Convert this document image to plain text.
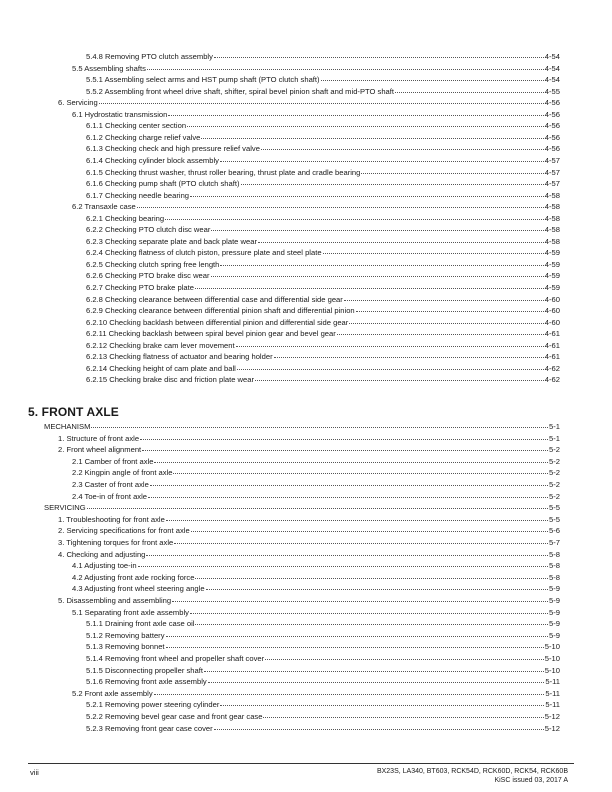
5.4.8 Removing PTO clutch assembly	4-54
5.5 Assembling shafts	4-54
5.5.1 Assembling select arms and HST pump shaft (PTO clutch shaft)	4-54
5.5.2 Assembling front wheel drive shaft, shifter, spiral bevel pinion shaft and mid-PTO shaft	4-55
6. Servicing	4-56
6.1 Hydrostatic transmission	4-56
6.1.1 Checking center section	4-56
6.1.2 Checking charge relief valve	4-56
6.1.3 Checking check and high pressure relief valve	4-56
6.1.4 Checking cylinder block assembly	4-57
6.1.5 Checking thrust washer, thrust roller bearing, thrust plate and cradle bearing	4-57
6.1.6 Checking pump shaft (PTO clutch shaft)	4-57
6.1.7 Checking needle bearing	4-58
6.2 Transaxle case	4-58
6.2.1 Checking bearing	4-58
6.2.2 Checking PTO clutch disc wear	4-58
6.2.3 Checking separate plate and back plate wear	4-58
6.2.4 Checking flatness of clutch piston, pressure plate and steel plate	4-59
6.2.5 Checking clutch spring free length	4-59
6.2.6 Checking PTO brake disc wear	4-59
6.2.7 Checking PTO brake plate	4-59
6.2.8 Checking clearance between differential case and differential side gear	4-60
6.2.9 Checking clearance between differential pinion shaft and differential pinion	4-60
6.2.10 Checking backlash between differential pinion and differential side gear	4-60
6.2.11 Checking backlash between spiral bevel pinion gear and bevel gear	4-61
6.2.12 Checking brake cam lever movement	4-61
6.2.13 Checking flatness of actuator and bearing holder	4-61
6.2.14 Checking height of cam plate and ball	4-62
6.2.15 Checking brake disc and friction plate wear	4-62
5. FRONT AXLE
MECHANISM	5-1
1. Structure of front axle	5-1
2. Front wheel alignment	5-2
2.1 Camber of front axle	5-2
2.2 Kingpin angle of front axle	5-2
2.3 Caster of front axle	5-2
2.4 Toe-in of front axle	5-2
SERVICING	5-5
1. Troubleshooting for front axle	5-5
2. Servicing specifications for front axle	5-6
3. Tightening torques for front axle	5-7
4. Checking and adjusting	5-8
4.1 Adjusting toe-in	5-8
4.2 Adjusting front axle rocking force	5-8
4.3 Adjusting front wheel steering angle	5-9
5. Disassembling and assembling	5-9
5.1 Separating front axle assembly	5-9
5.1.1 Draining front axle case oil	5-9
5.1.2 Removing battery	5-9
5.1.3 Removing bonnet	5-10
5.1.4 Removing front wheel and propeller shaft cover	5-10
5.1.5 Disconnecting propeller shaft	5-10
5.1.6 Removing front axle assembly	5-11
5.2 Front axle assembly	5-11
5.2.1 Removing power steering cylinder	5-11
5.2.2 Removing bevel gear case and front gear case	5-12
5.2.3 Removing front gear case cover	5-12
viii	BX23S, LA340, BT603, RCK54D, RCK60D, RCK54, RCK60B
KiSC issued 03, 2017 A
